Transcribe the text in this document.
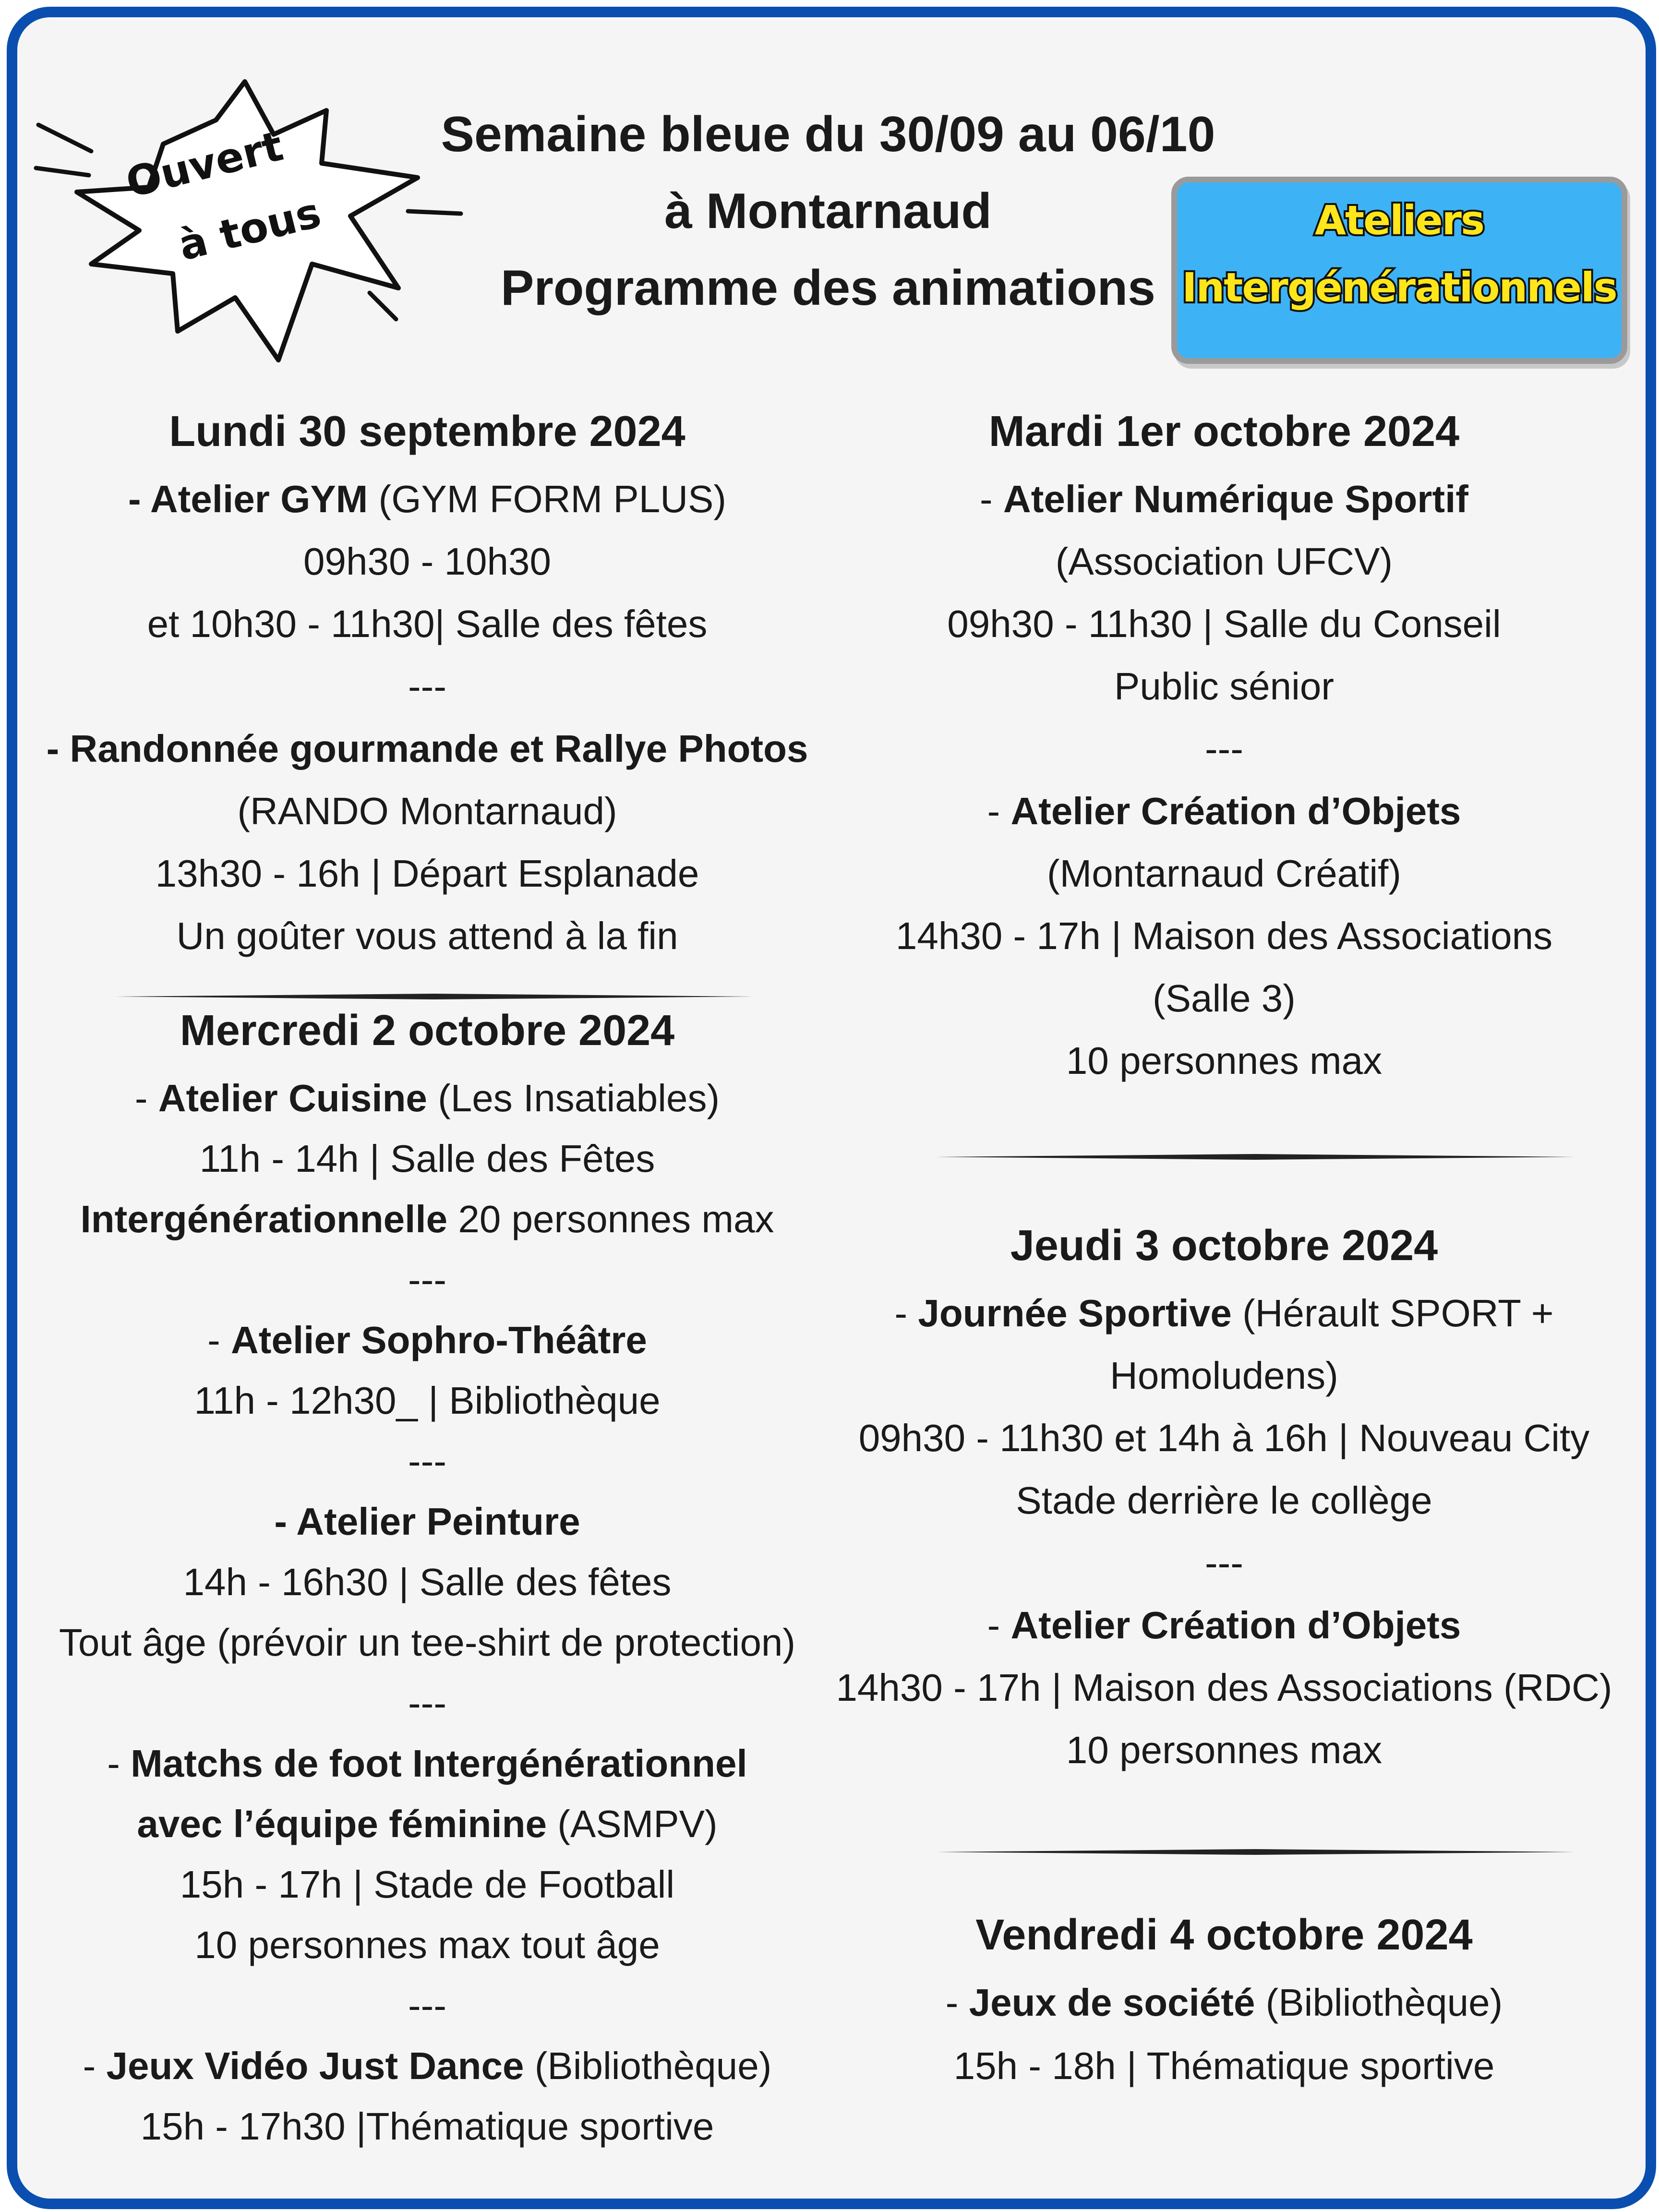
Ouvert
à tous
Semaine bleue du 30/09 au 06/10
à Montarnaud
Programme des animations
Ateliers
Intergénérationnels
Lundi 30 septembre 2024
- Atelier GYM (GYM FORM PLUS)
09h30 - 10h30
et 10h30 - 11h30| Salle des fêtes
---
- Randonnée gourmande et Rallye Photos
(RANDO Montarnaud)
13h30 - 16h | Départ Esplanade
Un goûter vous attend à la fin
Mercredi 2 octobre 2024
- Atelier Cuisine (Les Insatiables)
11h - 14h | Salle des Fêtes
Intergénérationnelle 20 personnes max
---
- Atelier Sophro-Théâtre
11h - 12h30_ | Bibliothèque
---
- Atelier Peinture
14h - 16h30 | Salle des fêtes
Tout âge (prévoir un tee-shirt de protection)
---
- Matchs de foot Intergénérationnel
avec l’équipe féminine (ASMPV)
15h - 17h | Stade de Football
10 personnes max tout âge
---
- Jeux Vidéo Just Dance (Bibliothèque)
15h - 17h30 |Thématique sportive
Mardi 1er octobre 2024
- Atelier Numérique Sportif
(Association UFCV)
09h30 - 11h30 | Salle du Conseil
Public sénior
---
- Atelier Création d’Objets
(Montarnaud Créatif)
14h30 - 17h | Maison des Associations
(Salle 3)
10 personnes max
Jeudi 3 octobre 2024
- Journée Sportive (Hérault SPORT +
Homoludens)
09h30 - 11h30 et 14h à 16h | Nouveau City
Stade derrière le collège
---
- Atelier Création d’Objets
14h30 - 17h | Maison des Associations (RDC)
10 personnes max
Vendredi 4 octobre 2024
- Jeux de société (Bibliothèque)
15h - 18h | Thématique sportive
